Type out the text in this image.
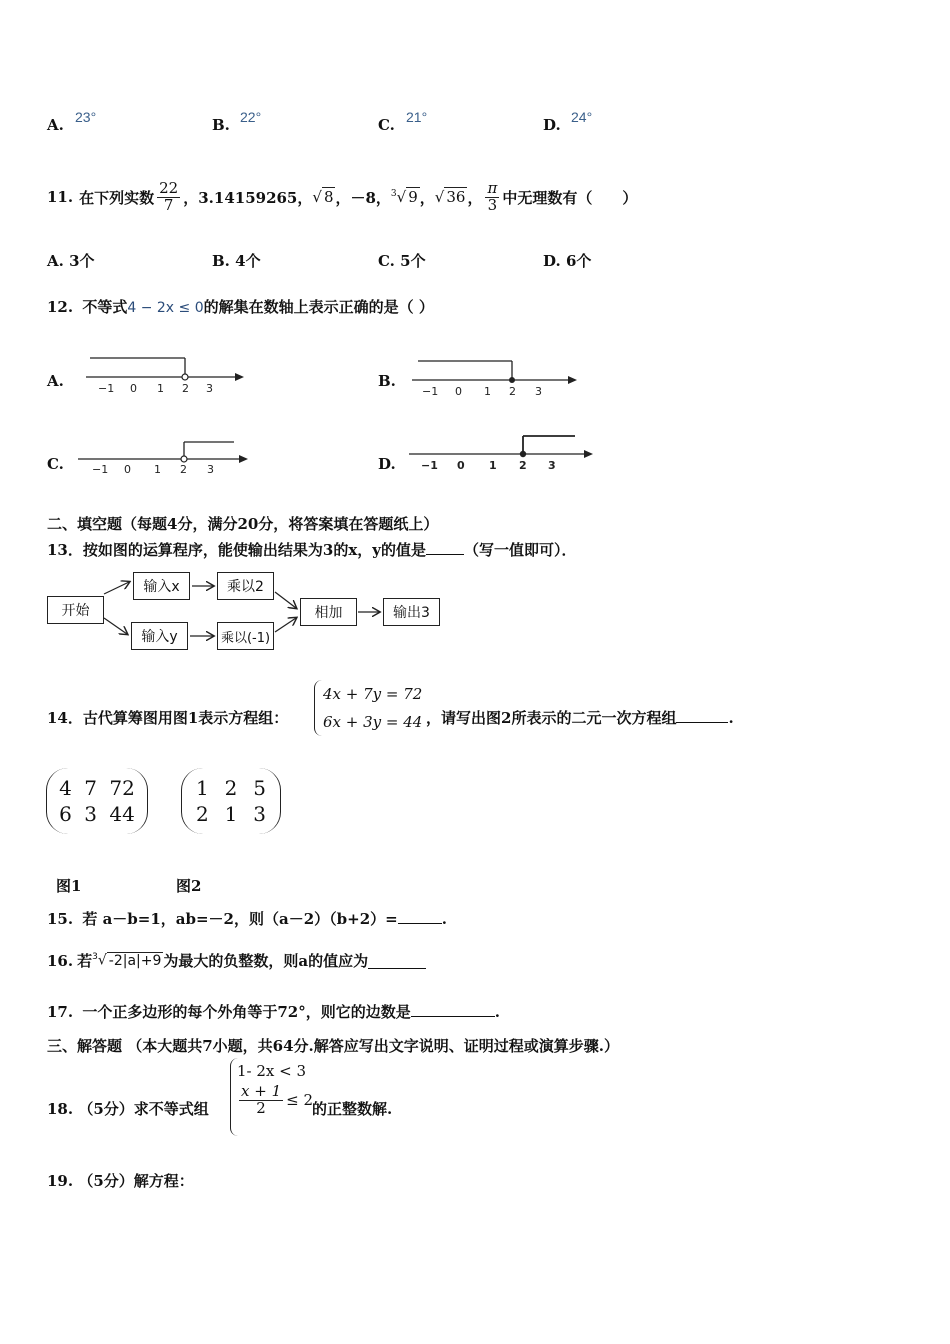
A. 23°	B. 22°	C. 21°	D. 24°
11. 在下列实数 $\frac{22}{7}$ ，3.14159265， √ 8 ，－8， $^3$√ 9 ， √ 36 ， $\frac{\pi}{3}$ 中无理数有（　　）
A. 3个	B. 4个	C. 5个	D. 6个
12. 不等式4 − 2x ≤ 0的解集在数轴上表示正确的是（ ）
A.	B.
C.	D.
−1 0 1 2 3	−1 0 1 2 3
−1 0 1 2 3	−1 0 1 2 3
二、填空题（每题4分，满分20分，将答案填在答题纸上）
13．按如图的运算程序，能使输出结果为3的x，y的值是	（写一值即可）．
开始
输入x	乘以2
输入y	乘以(-1)
相加	输出3
14．古代算筹图用图1表示方程组：
4x + 7y = 72
6x + 3y = 44 ，请写出图2所表示的二元一次方程组	.
4 7 72
6 3 44
1 2 5
2 1 3
图1	图2
15. 若 a－b=1，ab=－2，则（a－2）（b+2）=	.
16. 若 $^3$√ -2|a|+9 为最大的负整数，则a的值应为
17. 一个正多边形的每个外角等于72°，则它的边数是	.
三、解答题 （本大题共7小题，共64分.解答应写出文字说明、证明过程或演算步骤.）
18. （5分）求不等式组
1- 2x < 3
$\frac{x + 1}{2} \le 2$ 的正整数解.
19. （5分）解方程：
